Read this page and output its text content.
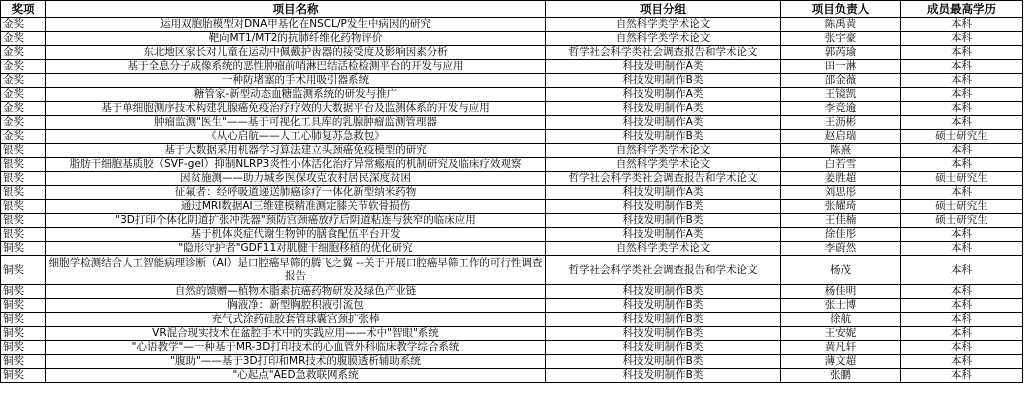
奖项	项目名称	项目分组	项目负责人	成员最高学历
金奖	运用双胞胎模型对DNA甲基化在NSCL/P发生中病因的研究	自然科学类学术论文	陈禹黄	本科
金奖	靶向MT1/MT2的抗肺纤维化药物评价	自然科学类学术论文	张宇豪	本科
金奖	东北地区家长对儿童在运动中佩戴护齿器的接受度及影响因素分析	哲学社会科学类社会调查报告和学术论文	郭芮瑜	本科
金奖	基于全息分子成像系统的恶性肿瘤前哨淋巴结活检检测平台的开发与应用	科技发明制作A类	田一淋	本科
金奖	一种防堵塞的手术用吸引器系统	科技发明制作B类	邵金薇	本科
金奖	糖管家-新型动态血糖监测系统的研发与推广	科技发明制作A类	王镜凯	本科
金奖	基于单细胞测序技术构建乳腺癌免疫治疗疗效的大数据平台及监测体系的开发与应用	科技发明制作A类	李竞逾	本科
金奖	肿瘤监测"医生"——基于可视化工具库的乳腺肿瘤监测管理器	科技发明制作A类	王沥彬	本科
金奖	《从心启航——人工心肺复苏急救包》	科技发明制作B类	赵启瑞	硕士研究生
银奖	基于大数据采用机器学习算法建立头颈癌免疫模型的研究	自然科学类学术论文	陈熹	本科
银奖	脂肪干细胞基质胶（SVF-gel）抑制NLRP3炎性小体活化治疗异常瘢痕的机制研究及临床疗效观察	自然科学类学术论文	白若雪	本科
银奖	因贫施测——助力城乡医保攻克农村居民深度贫困	哲学社会科学类社会调查报告和学术论文	姜胜超	硕士研究生
银奖	征氟者：经呼吸道递送肺癌诊疗一体化新型纳米药物	科技发明制作A类	刘思彤	本科
银奖	通过MRI数据AI三维建模精准测定膝关节软骨损伤	科技发明制作B类	张耀琦	硕士研究生
银奖	"3D打印个体化阴道扩张冲洗器"预防宫颈癌放疗后阴道粘连与狭窄的临床应用	科技发明制作B类	王佳楠	硕士研究生
银奖	基于机体炎症代谢生物钟的膳食配伍平台开发	科技发明制作A类	徐佳彤	本科
铜奖	"隐形守护者"GDF11对肌腱干细胞移植的优化研究	自然科学类学术论文	李蔚然	本科
铜奖	细胞学检测结合人工智能病理诊断（AI）是口腔癌早筛的腾飞之翼 --关于开展口腔癌早筛工作的可行性调查报告	哲学社会科学类社会调查报告和学术论文	杨茂	本科
铜奖	自然的馈赠—植物木脂素抗癌药物研发及绿色产业链	科技发明制作B类	杨佳明	本科
铜奖	胸液净：新型胸腔积液引流包	科技发明制作B类	张士博	本科
铜奖	充气式涂药硅胶套管球囊宫颈扩张棒	科技发明制作B类	徐航	本科
铜奖	VR混合现实技术在盆腔手术中的实践应用——术中"智眼"系统	科技发明制作B类	王安妮	本科
铜奖	"心语教学"—一种基于MR-3D打印技术的心血管外科临床教学综合系统	科技发明制作B类	黄凡轩	本科
铜奖	"腹助"——基于3D打印和MR技术的腹膜透析辅助系统	科技发明制作B类	薄文超	本科
铜奖	"心起点"AED急救联网系统	科技发明制作B类	张鹏	本科
